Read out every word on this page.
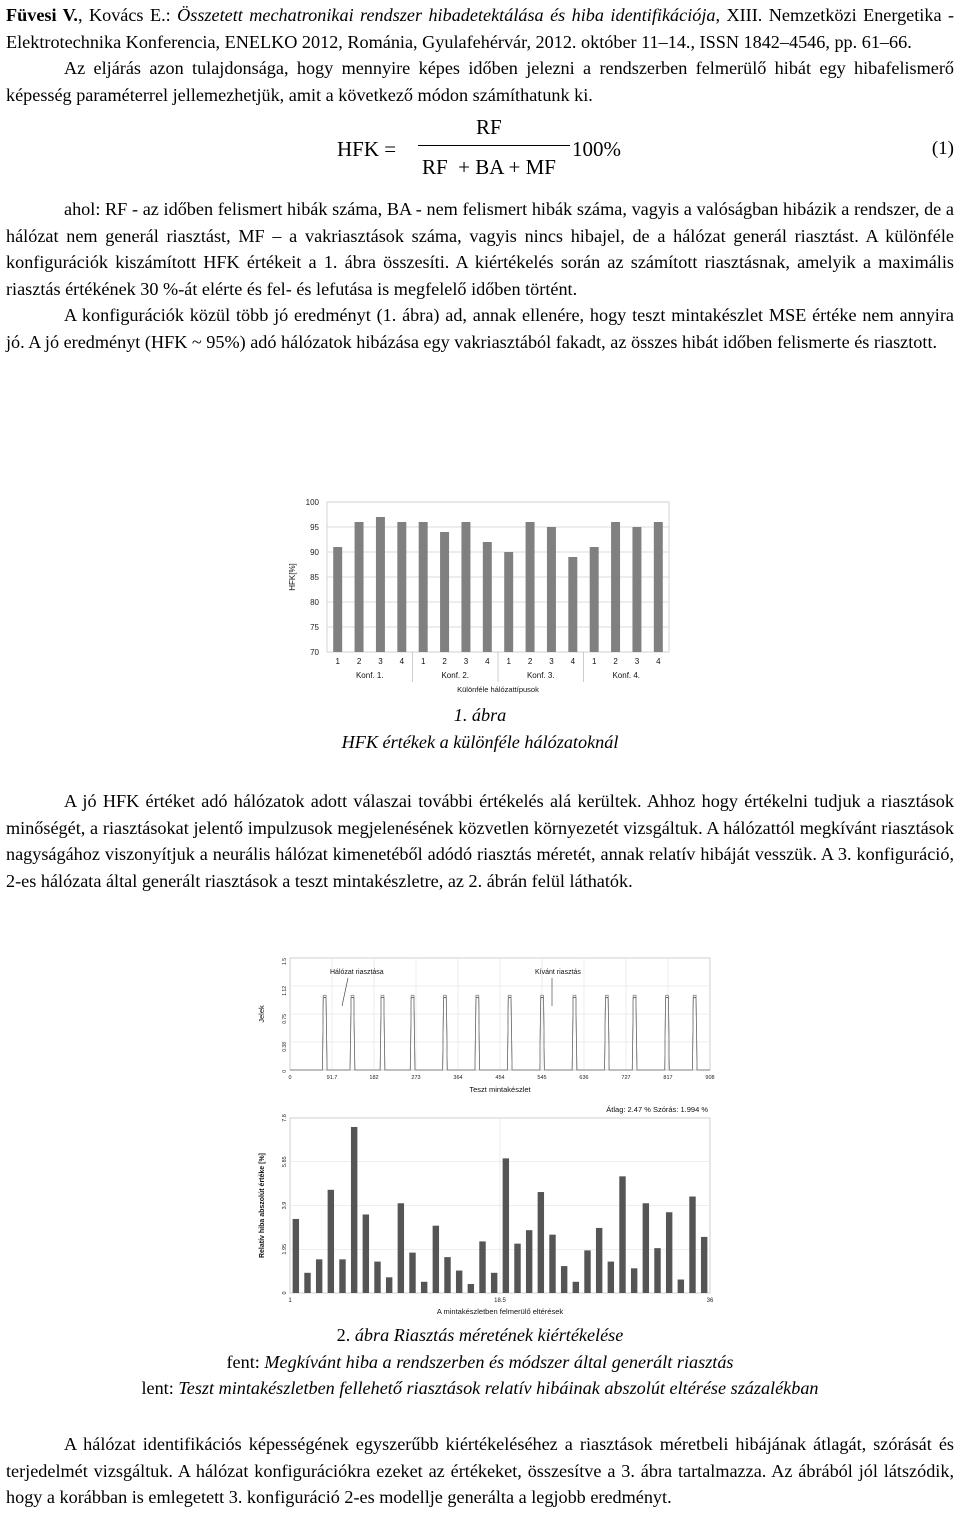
Füvesi V., Kovács E.: Összetett mechatronikai rendszer hibadetektálása és hiba identifikációja, XIII. Nemzetközi Energetika - Elektrotechnika Konferencia, ENELKO 2012, Románia, Gyulafehérvár, 2012. október 11–14., ISSN 1842–4546, pp. 61–66.

Az eljárás azon tulajdonsága, hogy mennyire képes időben jelezni a rendszerben felmerülő hibát egy hibafelismerő képesség paraméterrel jellemezhetjük, amit a következő módon számíthatunk ki.

HFK =
RF
RF  + BA + MF
100%	(1)

ahol: RF - az időben felismert hibák száma, BA - nem felismert hibák száma, vagyis a valóságban hibázik a rendszer, de a hálózat nem generál riasztást, MF – a vakriasztások száma, vagyis nincs hibajel, de a hálózat generál riasztást. A különféle konfigurációk kiszámított HFK értékeit a 1. ábra összesíti. A kiértékelés során az számított riasztásnak, amelyik a maximális riasztás értékének 30 %-át elérte és fel- és lefutása is megfelelő időben történt.

A konfigurációk közül több jó eredményt (1. ábra) ad, annak ellenére, hogy teszt mintakészlet MSE értéke nem annyira jó. A jó eredményt (HFK ~ 95%) adó hálózatok hibázása egy vakriasztából fakadt, az összes hibát időben felismerte és riasztott.

1. ábra

HFK értékek a különféle hálózatoknál

A jó HFK értéket adó hálózatok adott válaszai további értékelés alá kerültek. Ahhoz hogy értékelni tudjuk a riasztások minőségét, a riasztásokat jelentő impulzusok megjelenésének közvetlen környezetét vizsgáltuk. A hálózattól megkívánt riasztások nagyságához viszonyítjuk a neurális hálózat kimenetéből adódó riasztás méretét, annak relatív hibáját vesszük. A 3. konfiguráció, 2-es hálózata által generált riasztások a teszt mintakészletre, az 2. ábrán felül láthatók.

2. ábra Riasztás méretének kiértékelése

fent: Megkívánt hiba a rendszerben és módszer által generált riasztás

lent: Teszt mintakészletben fellehető riasztások relatív hibáinak abszolút eltérése százalékban

A hálózat identifikációs képességének egyszerűbb kiértékeléséhez a riasztások méretbeli hibájának átlagát, szórását és terjedelmét vizsgáltuk. A hálózat konfigurációkra ezeket az értékeket, összesítve a 3. ábra tartalmazza. Az ábrából jól látszódik, hogy a korábban is emlegetett 3. konfiguráció 2-es modellje generálta a legjobb eredményt.

70
75
80
85
90
95
100
1 2 3 4 1 2 3 4 1 2 3 4 1 2 3 4
Konf. 1.	Konf. 2.	Konf. 3.	Konf. 4.
Különféle hálózattípusok
HFK[%]
0
0.38
0.75
1.12
1.5
0	91.7	182	273	364	454	545	636	727	817	908
Hálózat riasztása	Kívánt riasztás
Teszt mintakészlet
Jelek
Átlag: 2.47 % Szórás: 1.994 %
0
1.95
3.9
5.85
7.8
1	18.5	36
A mintakészletben felmerülő eltérések
Relatív hiba abszolút értéke [%]
